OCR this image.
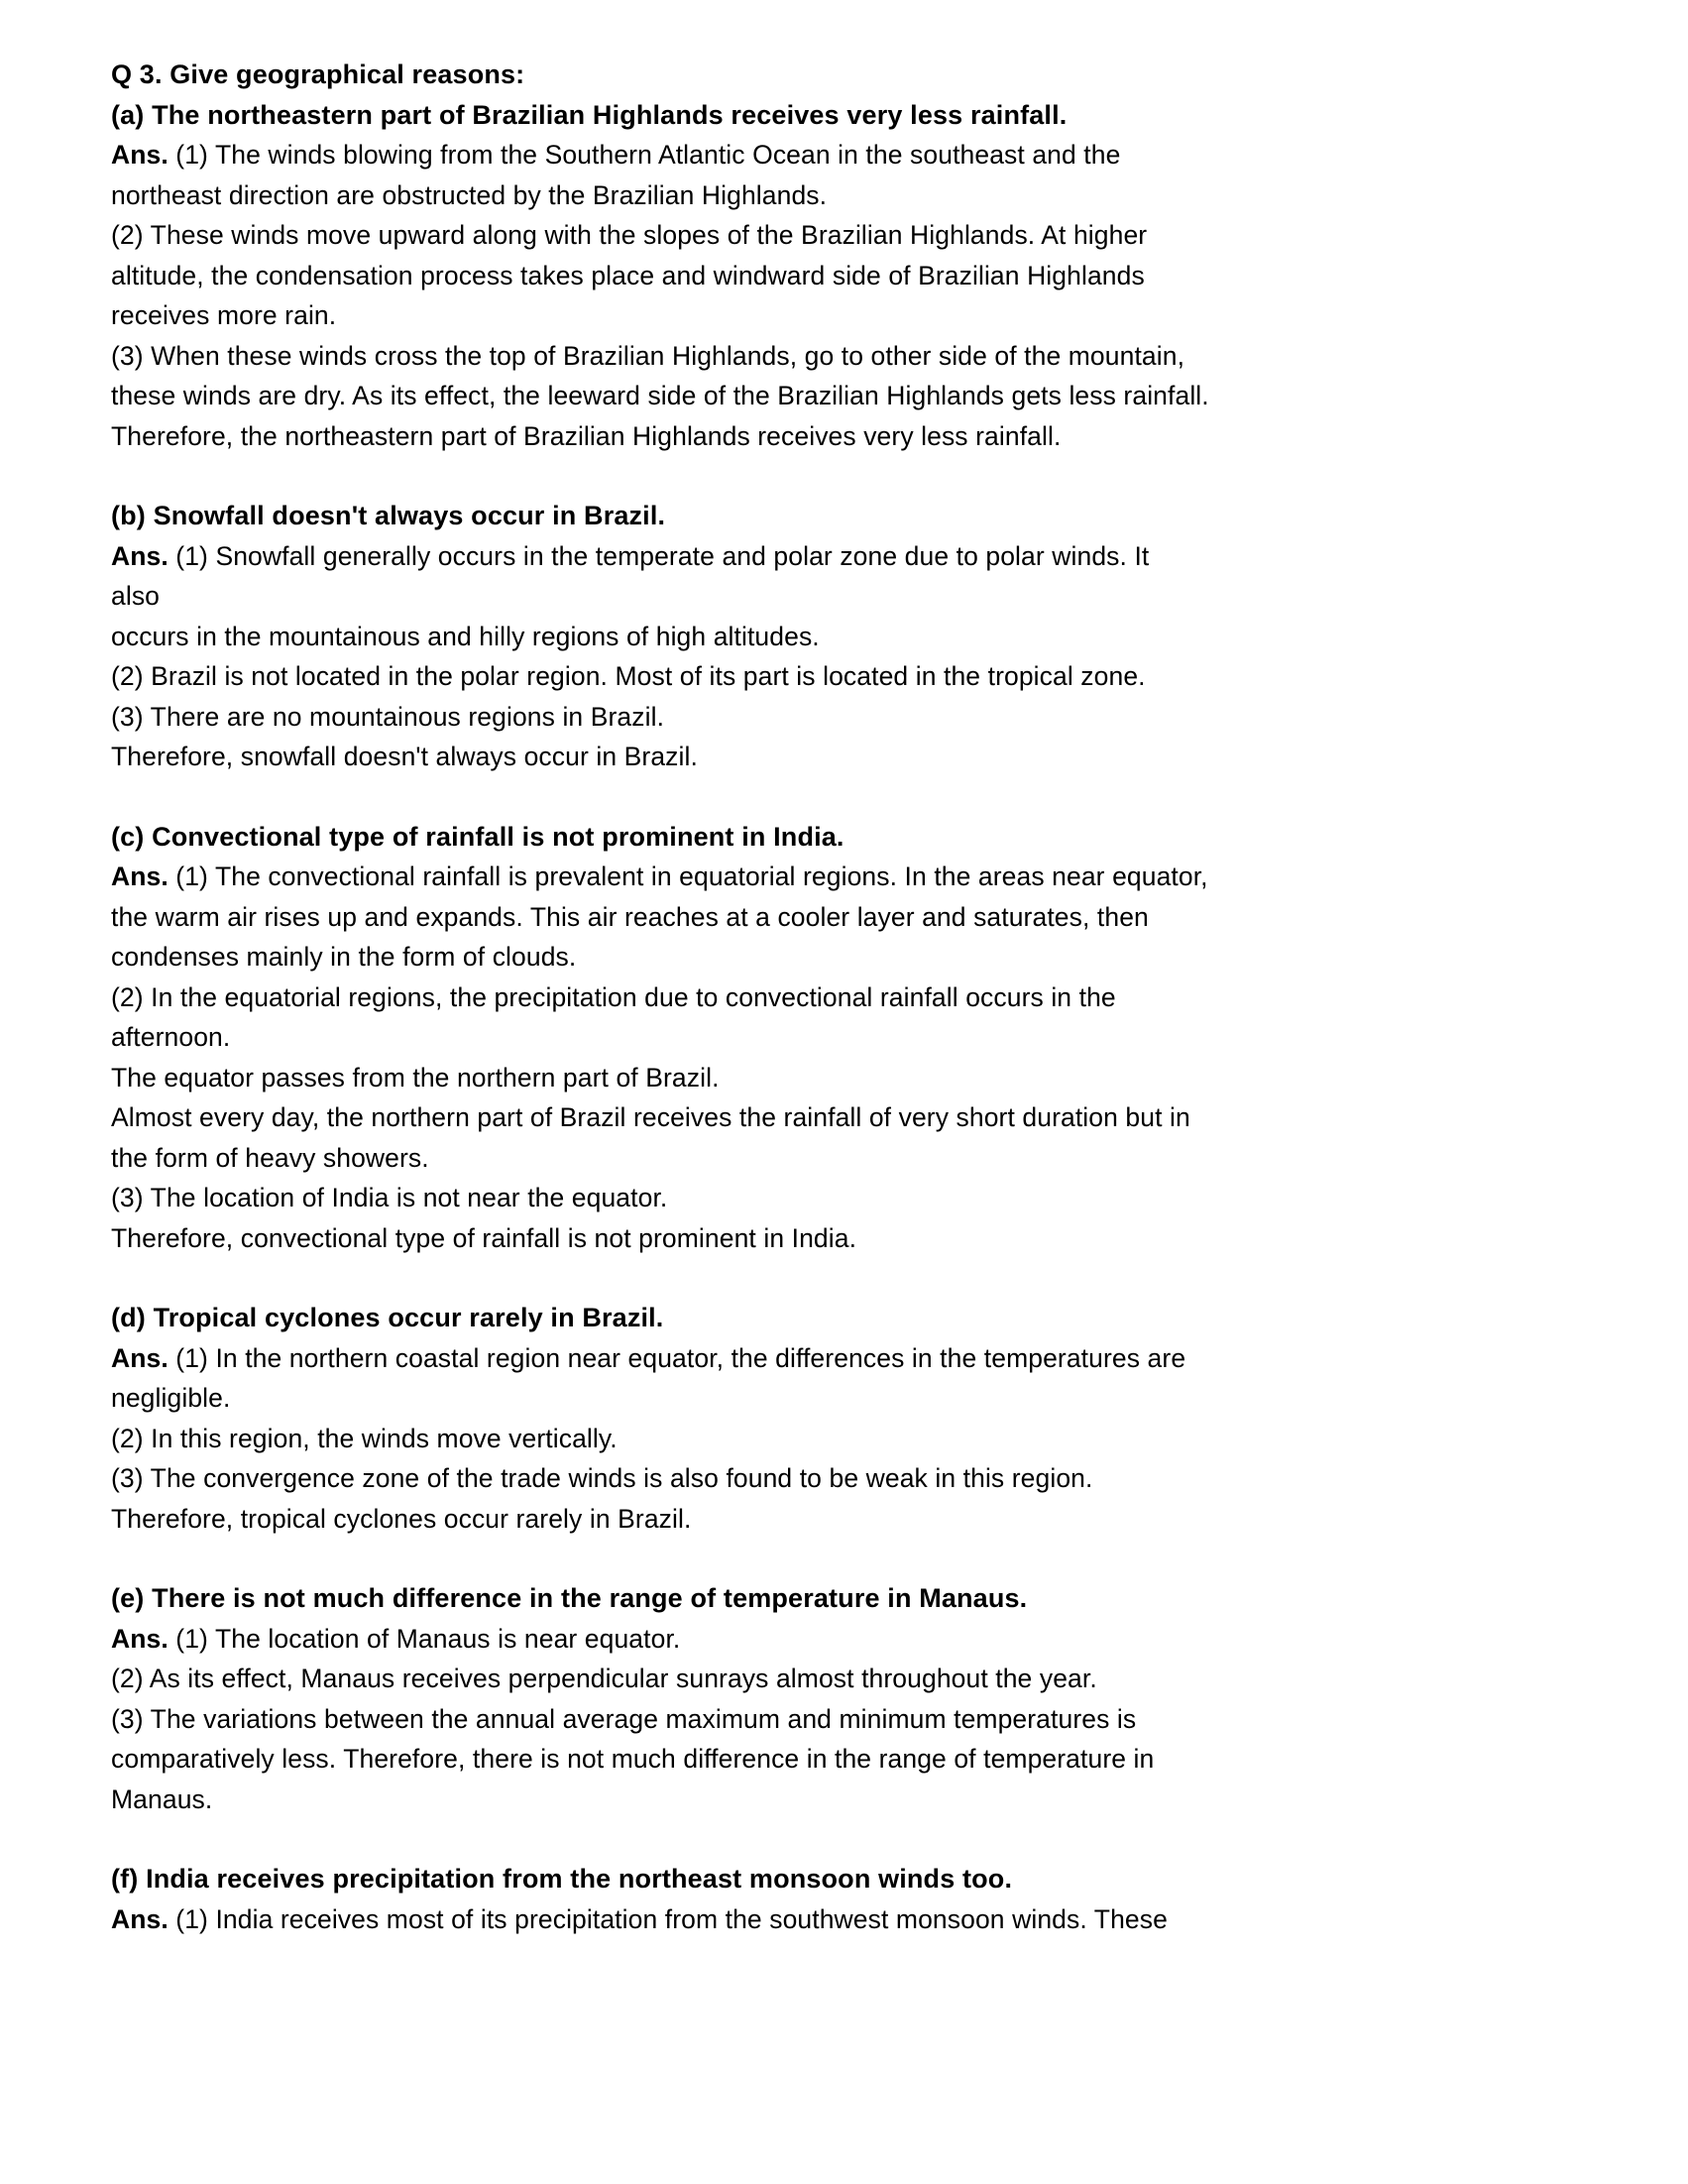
Q 3. Give geographical reasons:
(a) The northeastern part of Brazilian Highlands receives very less rainfall.
Ans. (1) The winds blowing from the Southern Atlantic Ocean in the southeast and the
northeast direction are obstructed by the Brazilian Highlands.
(2) These winds move upward along with the slopes of the Brazilian Highlands. At higher
altitude, the condensation process takes place and windward side of Brazilian Highlands
receives more rain.
(3) When these winds cross the top of Brazilian Highlands, go to other side of the mountain,
these winds are dry. As its effect, the leeward side of the Brazilian Highlands gets less rainfall.
Therefore, the northeastern part of Brazilian Highlands receives very less rainfall.
(b) Snowfall doesn't always occur in Brazil.
Ans. (1) Snowfall generally occurs in the temperate and polar zone due to polar winds. It
also
occurs in the mountainous and hilly regions of high altitudes.
(2) Brazil is not located in the polar region. Most of its part is located in the tropical zone.
(3) There are no mountainous regions in Brazil.
Therefore, snowfall doesn't always occur in Brazil.
(c) Convectional type of rainfall is not prominent in India.
Ans. (1) The convectional rainfall is prevalent in equatorial regions. In the areas near equator,
the warm air rises up and expands. This air reaches at a cooler layer and saturates, then
condenses mainly in the form of clouds.
(2) In the equatorial regions, the precipitation due to convectional rainfall occurs in the
afternoon.
The equator passes from the northern part of Brazil.
Almost every day, the northern part of Brazil receives the rainfall of very short duration but in
the form of heavy showers.
(3) The location of India is not near the equator.
Therefore, convectional type of rainfall is not prominent in India.
(d) Tropical cyclones occur rarely in Brazil.
Ans. (1) In the northern coastal region near equator, the differences in the temperatures are
negligible.
(2) In this region, the winds move vertically.
(3) The convergence zone of the trade winds is also found to be weak in this region.
Therefore, tropical cyclones occur rarely in Brazil.
(e) There is not much difference in the range of temperature in Manaus.
Ans. (1) The location of Manaus is near equator.
(2) As its effect, Manaus receives perpendicular sunrays almost throughout the year.
(3) The variations between the annual average maximum and minimum temperatures is
comparatively less. Therefore, there is not much difference in the range of temperature in
Manaus.
(f) India receives precipitation from the northeast monsoon winds too.
Ans. (1) India receives most of its precipitation from the southwest monsoon winds. These
